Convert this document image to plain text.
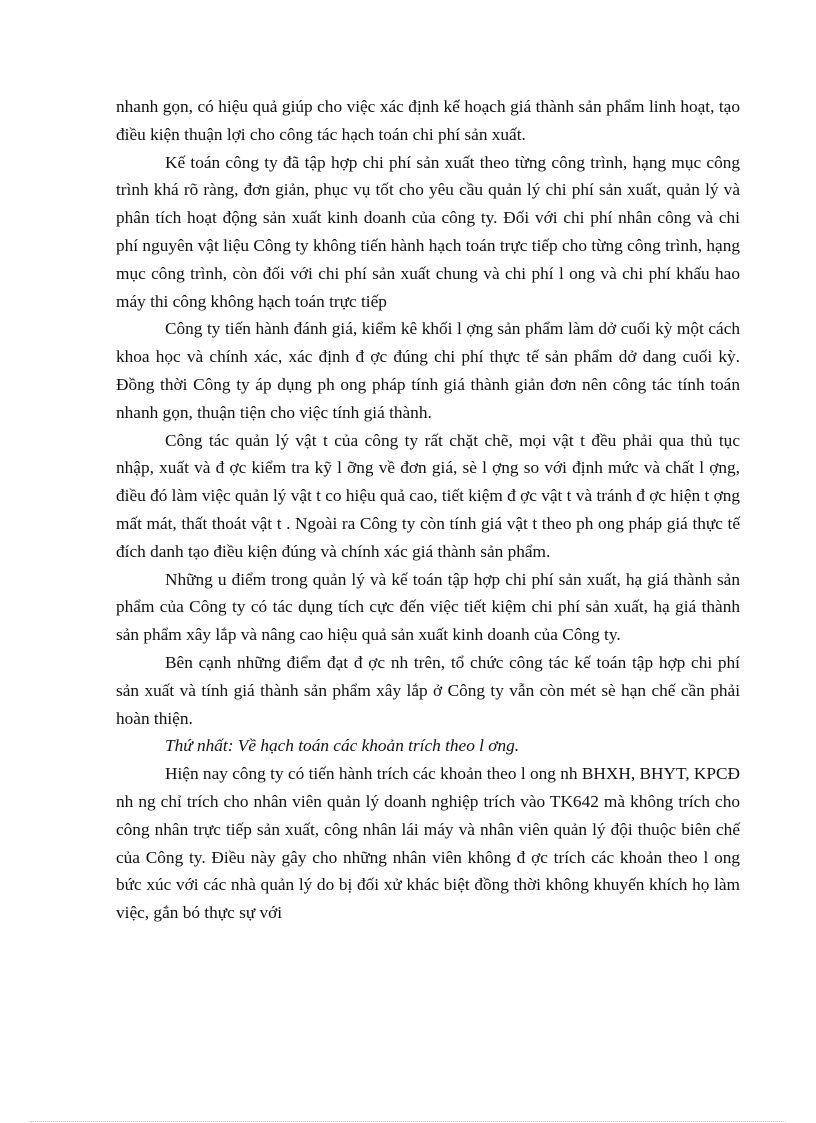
nhanh gọn, có hiệu quả giúp cho việc xác định kế hoạch giá thành sản phẩm linh hoạt, tạo điều kiện thuận lợi cho công tác hạch toán chi phí sản xuất.

Kế toán công ty đã tập hợp chi phí sản xuất theo từng công trình, hạng mục công trình khá rõ ràng, đơn giản, phục vụ tốt cho yêu cầu quản lý chi phí sản xuất, quản lý và phân tích hoạt động sản xuất kinh doanh của công ty. Đối với chi phí nhân công và chi phí nguyên vật liệu Công ty không tiến hành hạch toán trực tiếp cho từng công trình, hạng mục công trình, còn đối với chi phí sản xuất chung và chi phí l ong và chi phí khấu hao máy thi công không hạch toán trực tiếp

Công ty tiến hành đánh giá, kiểm kê khối l ợng sản phẩm làm dở cuối kỳ một cách khoa học và chính xác, xác định đ ợc đúng chi phí thực tế sản phẩm dở dang cuối kỳ. Đồng thời Công ty áp dụng ph ong pháp tính giá thành giản đơn nên công tác tính toán nhanh gọn, thuận tiện cho việc tính giá thành.

Công tác quản lý vật t của công ty rất chặt chẽ, mọi vật t đều phải qua thủ tục nhập, xuất và đ ợc kiểm tra kỹ l ỡng về đơn giá, sè l ợng so với định mức và chất l ợng, điều đó làm việc quản lý vật t co hiệu quả cao, tiết kiệm đ ợc vật t và tránh đ ợc hiện t ợng mất mát, thất thoát vật t . Ngoài ra Công ty còn tính giá vật t theo ph ong pháp giá thực tế đích danh tạo điều kiện đúng và chính xác giá thành sản phẩm.

Những u điểm trong quản lý và kế toán tập hợp chi phí sản xuất, hạ giá thành sản phẩm của Công ty có tác dụng tích cực đến việc tiết kiệm chi phí sản xuất, hạ giá thành sản phẩm xây lắp và nâng cao hiệu quả sản xuất kinh doanh của Công ty.

Bên cạnh những điểm đạt đ ợc nh trên, tổ chức công tác kế toán tập hợp chi phí sản xuất và tính giá thành sản phẩm xây lắp ở Công ty vẫn còn mét sè hạn chế cần phải hoàn thiện.

Thứ nhất: Về hạch toán các khoản trích theo l ơng.

Hiện nay công ty có tiến hành trích các khoản theo l ong nh BHXH, BHYT, KPCĐ nh ng chỉ trích cho nhân viên quản lý doanh nghiệp trích vào TK642 mà không trích cho công nhân trực tiếp sản xuất, công nhân lái máy và nhân viên quản lý đội thuộc biên chế của Công ty. Điều này gây cho những nhân viên không đ ợc trích các khoản theo l ong bức xúc với các nhà quản lý do bị đối xử khác biệt đồng thời không khuyến khích họ làm việc, gắn bó thực sự với
